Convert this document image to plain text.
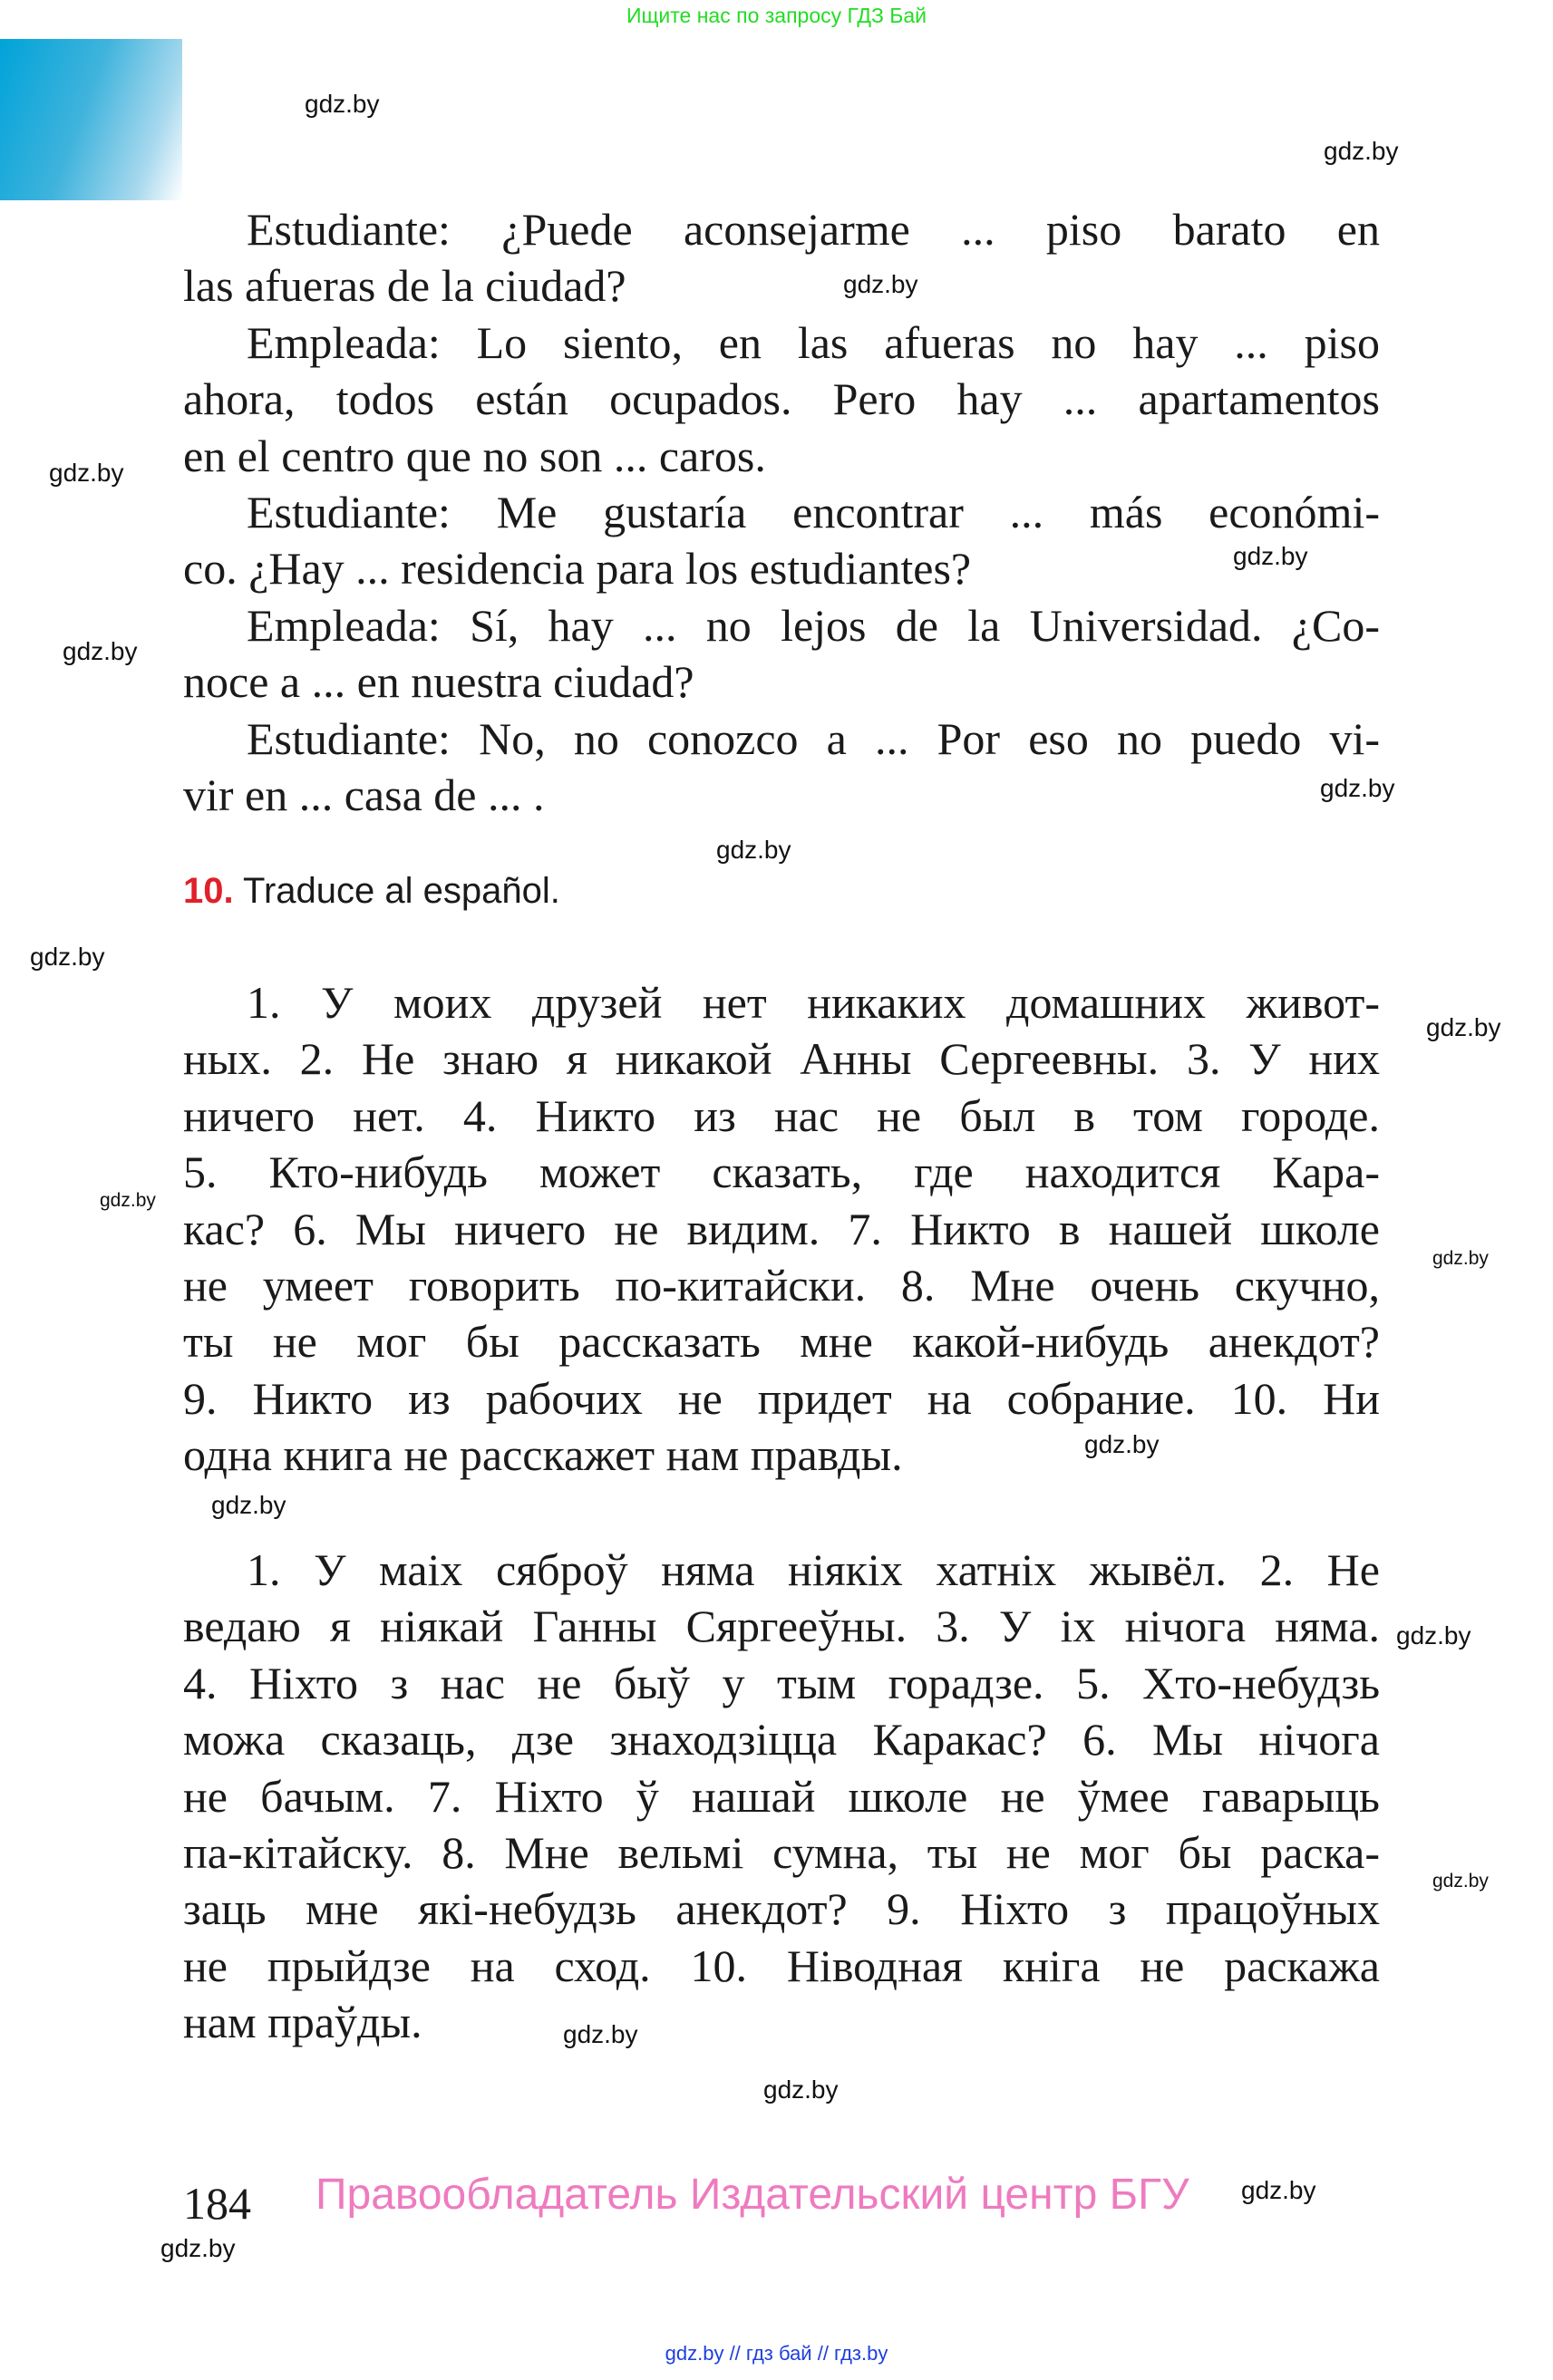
Ищите нас по запросу ГДЗ Бай
Estudiante: ¿Puede aconsejarme ... piso barato en
las afueras de la ciudad?
Empleada: Lo siento, en las afueras no hay ... piso
ahora, todos están ocupados. Pero hay ... apartamentos
en el centro que no son ... caros.
Estudiante: Me gustaría encontrar ... más económi-
co. ¿Hay ... residencia para los estudiantes?
Empleada: Sí, hay ... no lejos de la Universidad. ¿Co-
noce a ... en nuestra ciudad?
Estudiante: No, no conozco a ... Por eso no puedo vi-
vir en ... casa de ... .
10. Traduce al español.
1. У моих друзей нет никаких домашних живот-
ных. 2. Не знаю я никакой Анны Сергеевны. 3. У них
ничего нет. 4. Никто из нас не был в том городе.
5. Кто-нибудь может сказать, где находится Кара-
кас? 6. Мы ничего не видим. 7. Никто в нашей школе
не умеет говорить по-китайски. 8. Мне очень скучно,
ты не мог бы рассказать мне какой-нибудь анекдот?
9. Никто из рабочих не придет на собрание. 10. Ни
одна книга не расскажет нам правды.
1. У маіх сяброў няма ніякіх хатніх жывёл. 2. Не
ведаю я ніякай Ганны Сяргееўны. 3. У іх нічога няма.
4. Ніхто з нас не быў у тым горадзе. 5. Хто-небудзь
можа сказаць, дзе знаходзіцца Каракас? 6. Мы нічога
не бачым. 7. Ніхто ў нашай школе не ўмее гаварыць
па-кітайску. 8. Мне вельмі сумна, ты не мог бы раска-
заць мне які-небудзь анекдот? 9. Ніхто з працоўных
не прыйдзе на сход. 10. Ніводная кніга не раскажа
нам праўды.
184 Правообладатель Издательский центр БГУ
gdz.by // гдз бай // гдз.by
gdz.by
gdz.by
gdz.by
gdz.by
gdz.by
gdz.by
gdz.by
gdz.by
gdz.by
gdz.by
gdz.by
gdz.by
gdz.by
gdz.by
gdz.by
gdz.by
gdz.by
gdz.by
gdz.by
gdz.by
